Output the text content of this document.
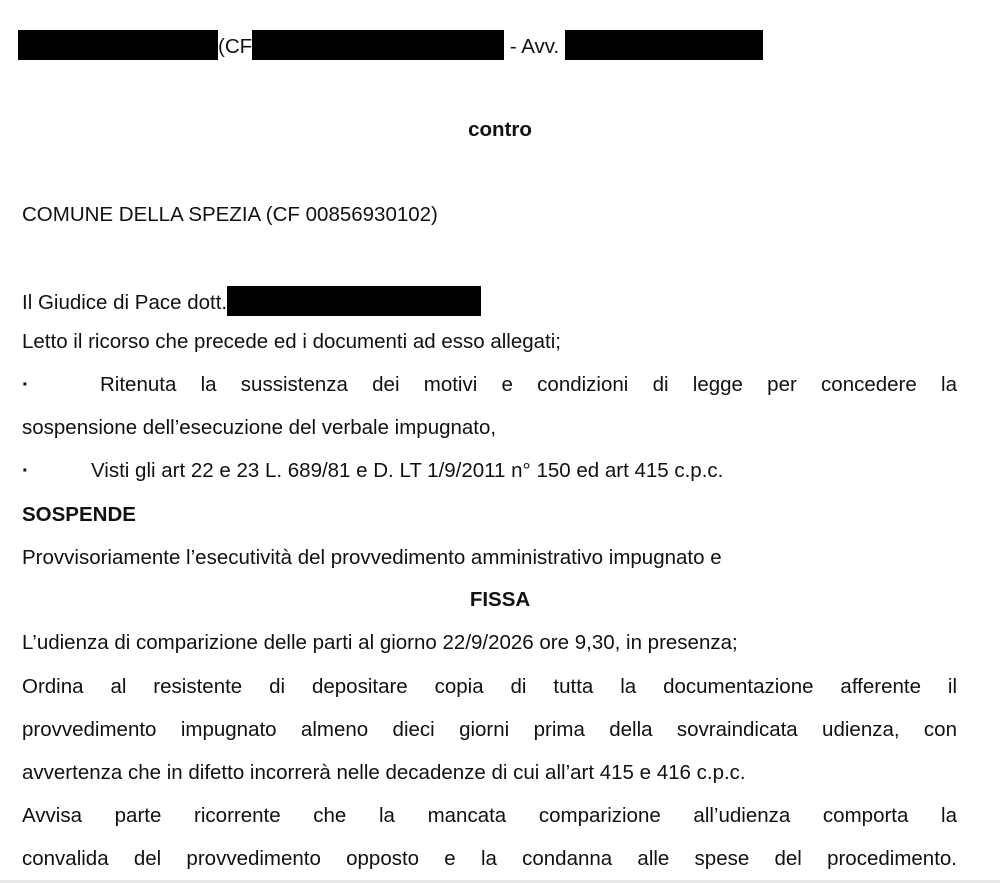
(CF	- Avv.
contro
COMUNE DELLA SPEZIA (CF 00856930102)
Il Giudice di Pace dott.
Letto il ricorso che precede ed i documenti ad esso allegati;
·	Ritenuta la sussistenza dei motivi e condizioni di legge per concedere la
sospensione dell’esecuzione del verbale impugnato,
·	Visti gli art 22 e 23 L. 689/81 e D. LT 1/9/2011 n° 150 ed art 415 c.p.c.
SOSPENDE
Provvisoriamente l’esecutività del provvedimento amministrativo impugnato e
FISSA
L’udienza di comparizione delle parti al giorno 22/9/2026 ore 9,30, in presenza;
Ordina al resistente di depositare copia di tutta la documentazione afferente il
provvedimento impugnato almeno dieci giorni prima della sovraindicata udienza, con
avvertenza che in difetto incorrerà nelle decadenze di cui all’art 415 e 416 c.p.c.
Avvisa parte ricorrente che la mancata comparizione all’udienza comporta la
convalida del provvedimento opposto e la condanna alle spese del procedimento.
